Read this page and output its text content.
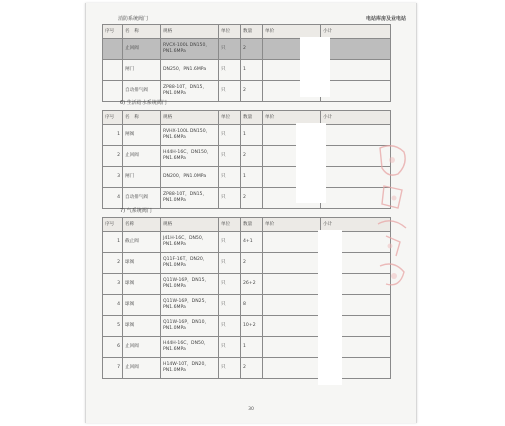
消防系统阀门	电站库房及业电站
序号	名　称	规格	单位	数量	单价	小计
	止回阀	RVCX-100L DN150，PN1.6MPa	只	2		
	闸门	DN250，PN1.6MPa	只	1		
	自动排气阀	ZP88-10T，DN15，PN1.0MPa	只	2		
6) 生活给水系统阀门
序号	名　称	规格	单位	数量	单价	小计
1	闸阀	RVHX-100L DN150，PN1.6MPa	只	1		
2	止回阀	H44H-16C，DN150，PN1.6MPa	只	2		
3	闸门	DN200，PN1.0MPa	只	1		
4	自动排气阀	ZP88-10T，DN15，PN1.0MPa	只	2		
7) 气系统阀门
序号	名称	规格	单位	数量	单价	小计
1	截止阀	J41H-16C，DN50，PN1.6MPa	只	4+1		
2	球阀	Q11F-16T，DN20，PN1.0MPa	只	2		
3	球阀	Q11W-16P，DN15，PN1.0MPa	只	26+2		
4	球阀	Q11W-16P，DN25，PN1.6MPa	只	8		
5	球阀	Q11W-16P，DN10，PN1.0MPa	只	10+2		
6	止回阀	H44H-16C，DN50，PN1.6MPa	只	1		
7	止回阀	H14W-10T，DN20，PN1.0MPa	只	2		
30
